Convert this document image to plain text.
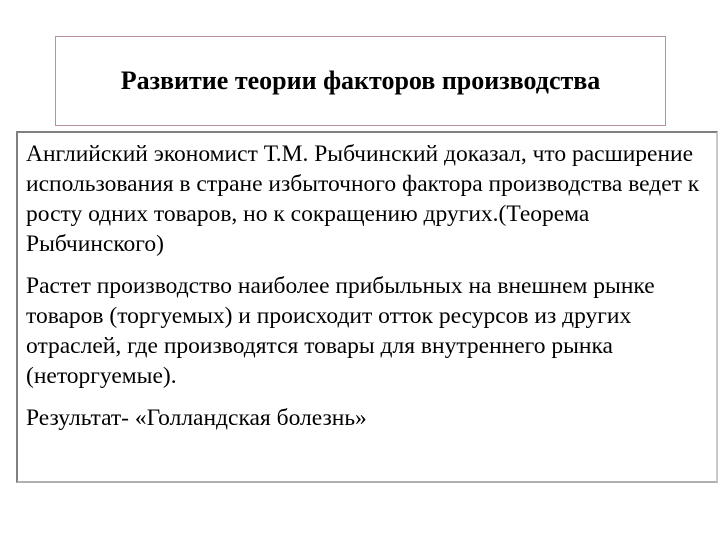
Развитие теории факторов производства

Английский экономист Т.М. Рыбчинский доказал, что расширение использования в стране избыточного фактора производства ведет к росту одних товаров, но к сокращению других.(Теорема Рыбчинского)

Растет производство наиболее прибыльных на внешнем рынке товаров (торгуемых) и происходит отток ресурсов из других отраслей, где производятся товары для внутреннего рынка (неторгуемые).

Результат- «Голландская болезнь»
